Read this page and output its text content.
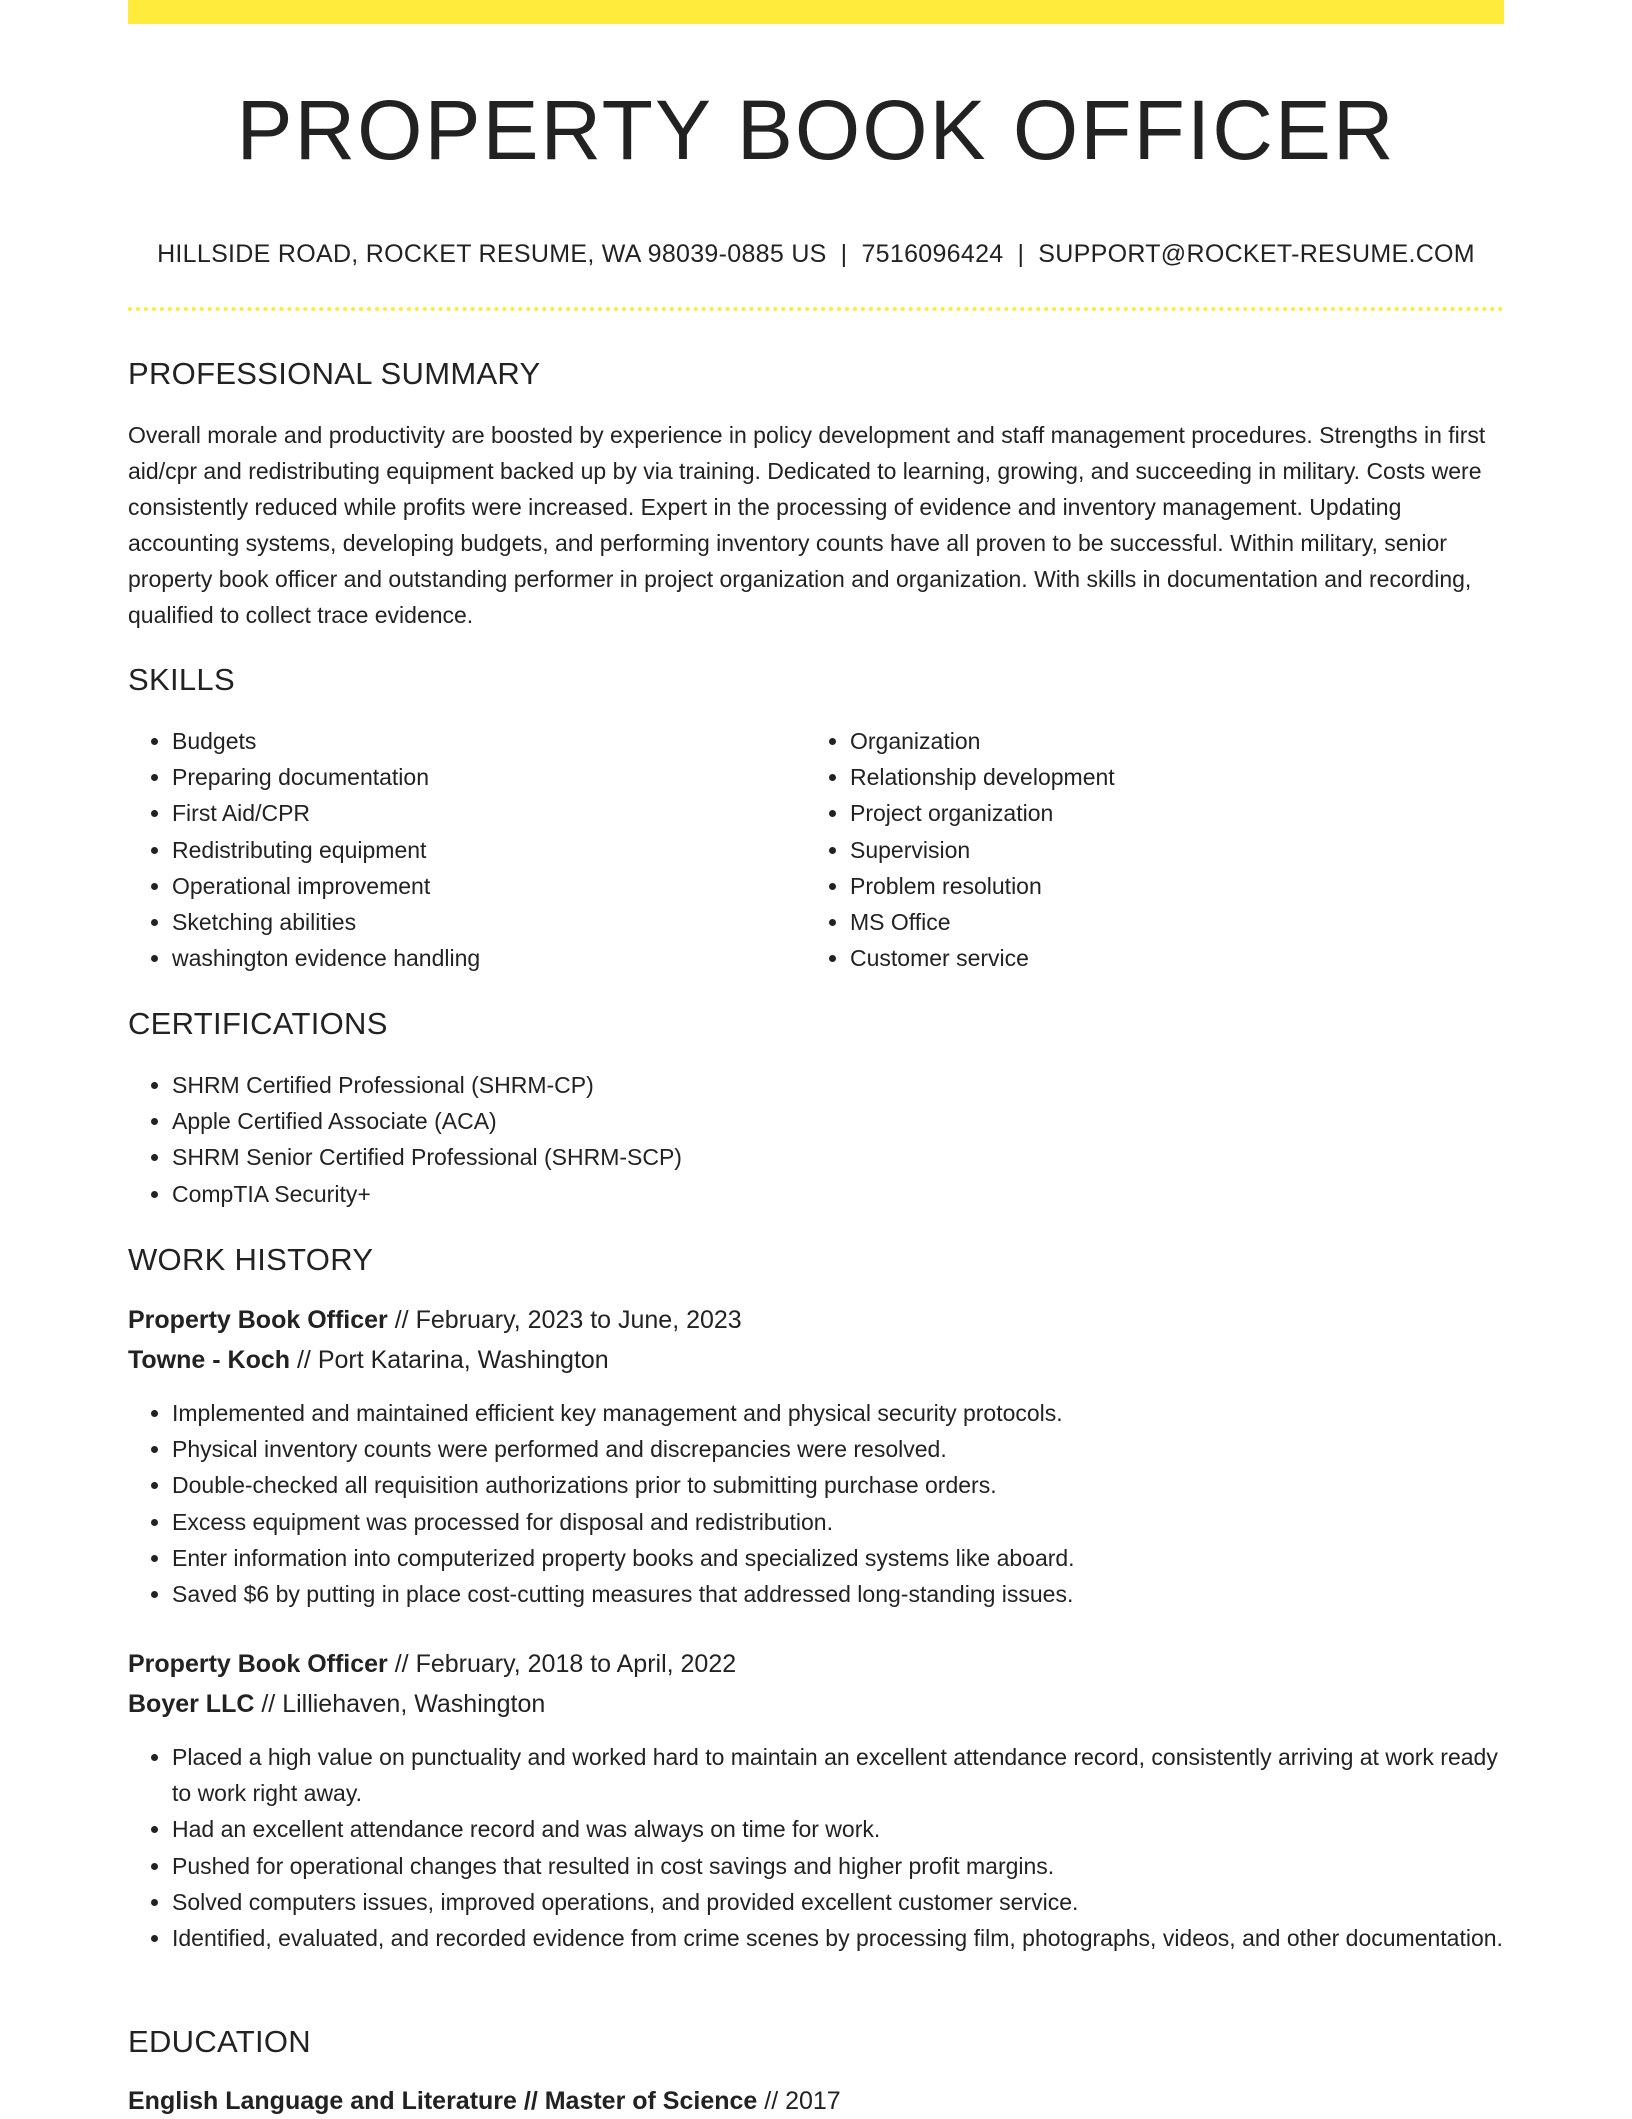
PROPERTY BOOK OFFICER
HILLSIDE ROAD, ROCKET RESUME, WA 98039-0885 US | 7516096424 | SUPPORT@ROCKET-RESUME.COM
PROFESSIONAL SUMMARY
Overall morale and productivity are boosted by experience in policy development and staff management procedures. Strengths in first aid/cpr and redistributing equipment backed up by via training. Dedicated to learning, growing, and succeeding in military. Costs were consistently reduced while profits were increased. Expert in the processing of evidence and inventory management. Updating accounting systems, developing budgets, and performing inventory counts have all proven to be successful. Within military, senior property book officer and outstanding performer in project organization and organization. With skills in documentation and recording, qualified to collect trace evidence.
SKILLS
• Budgets
• Preparing documentation
• First Aid/CPR
• Redistributing equipment
• Operational improvement
• Sketching abilities
• washington evidence handling
• Organization
• Relationship development
• Project organization
• Supervision
• Problem resolution
• MS Office
• Customer service
CERTIFICATIONS
• SHRM Certified Professional (SHRM-CP)
• Apple Certified Associate (ACA)
• SHRM Senior Certified Professional (SHRM-SCP)
• CompTIA Security+
WORK HISTORY
Property Book Officer // February, 2023 to June, 2023
Towne - Koch // Port Katarina, Washington
• Implemented and maintained efficient key management and physical security protocols.
• Physical inventory counts were performed and discrepancies were resolved.
• Double-checked all requisition authorizations prior to submitting purchase orders.
• Excess equipment was processed for disposal and redistribution.
• Enter information into computerized property books and specialized systems like aboard.
• Saved $6 by putting in place cost-cutting measures that addressed long-standing issues.
Property Book Officer // February, 2018 to April, 2022
Boyer LLC // Lilliehaven, Washington
• Placed a high value on punctuality and worked hard to maintain an excellent attendance record, consistently arriving at work ready to work right away.
• Had an excellent attendance record and was always on time for work.
• Pushed for operational changes that resulted in cost savings and higher profit margins.
• Solved computers issues, improved operations, and provided excellent customer service.
• Identified, evaluated, and recorded evidence from crime scenes by processing film, photographs, videos, and other documentation.
EDUCATION
English Language and Literature // Master of Science // 2017
